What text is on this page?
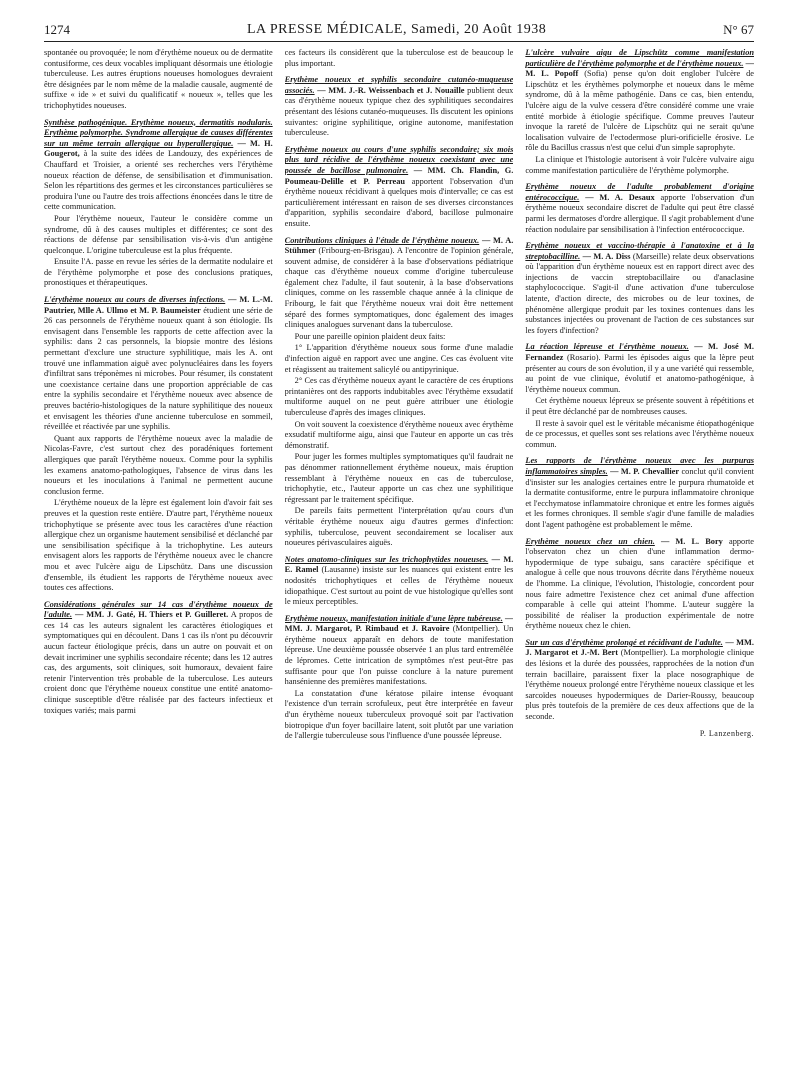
1274	LA PRESSE MÉDICALE, Samedi, 20 Août 1938	N° 67

spontanée ou provoquée; le nom d'érythème noueux ou de dermatite contusiforme, ces deux vocables impliquant désormais une étiologie tuberculeuse. Les autres éruptions noueuses homologues devraient être désignées par le nom même de la maladie causale, augmenté de suffixe « ide » et suivi du qualificatif « noueux », telles que les trichophytides noueuses.

Synthèse pathogénique. Erythème noueux, dermatitis nodularis. Erythème polymorphe. Syndrome allergique de causes différentes sur un même terrain allergique ou hyperallergique. — M. H. Gougerot, à la suite des idées de Landouzy, des expériences de Chauffard et Troisier, a orienté ses recherches vers l'érythème noueux réaction de défense, de sensibilisation et d'immunisation. Selon les répartitions des germes et les circonstances particulières se produira l'une ou l'autre des trois affections énoncées dans le titre de cette communication.

Pour l'érythème noueux, l'auteur le considère comme un syndrome, dû à des causes multiples et différentes; ce sont des réactions de défense par sensibilisation vis-à-vis d'un antigène quelconque. L'origine tuberculeuse est la plus fréquente.

Ensuite l'A. passe en revue les séries de la dermatite nodulaire et de l'érythème polymorphe et pose des conclusions pratiques, pronostiques et thérapeutiques.

L'érythème noueux au cours de diverses infections. — M. L.-M. Pautrier, Mlle A. Ullmo et M. P. Baumeister étudient une série de 26 cas personnels de l'érythème noueux quant à son étiologie. Ils envisagent dans l'ensemble les rapports de cette affection avec la syphilis: dans 2 cas personnels, la biopsie montre des lésions permettant d'exclure une structure syphilitique, mais les A. ont trouvé une inflammation aiguë avec polynucléaires dans les foyers d'infiltrat sans tréponèmes ni microbes. Pour résumer, ils constatent une coexistance certaine dans une proportion appréciable de cas entre la syphilis secondaire et l'érythème noueux avec absence de preuves bactério-histologiques de la nature syphilitique des noueux et envisagent les théories d'une ancienne tuberculose en sommeil, réveillée et réactivée par une syphilis.

Quant aux rapports de l'érythème noueux avec la maladie de Nicolas-Favre, c'est surtout chez des poradéniques fortement allergiques que paraît l'érythème noueux. Comme pour la syphilis les examens anatomo-pathologiques, l'absence de virus dans les noueurs et les inoculations à l'animal ne permettent aucune conclusion ferme.

L'érythème noueux de la lèpre est également loin d'avoir fait ses preuves et la question reste entière. D'autre part, l'érythème noueux trichophytique se présente avec tous les caractères d'une réaction allergique chez un organisme hautement sensibilisé et déclanché par une sensibilisation spécifique à la trichophytine. Les auteurs envisagent alors les rapports de l'érythème noueux avec le chancre mou et avec l'ulcère aigu de Lipschütz. Dans une discussion d'ensemble, ils étudient les rapports de l'érythème noueux avec toutes ces affections.

Considérations générales sur 14 cas d'érythème noueux de l'adulte. — MM. J. Gaté, H. Thiers et P. Guilleret. A propos de ces 14 cas les auteurs signalent les caractères étiologiques et symptomatiques qui en découlent. Dans 1 cas ils n'ont pu découvrir aucun facteur étiologique précis, dans un autre on pouvait et on devait incriminer une syphilis secondaire récente; dans les 12 autres cas, des arguments, soit cliniques, soit humoraux, devaient faire retenir l'intervention très probable de la tuberculose. Les auteurs croient donc que l'érythème noueux constitue une entité anatomo-clinique susceptible d'être réalisée par des facteurs infectieux et toxiques variés; mais parmi

ces facteurs ils considèrent que la tuberculose est de beaucoup le plus important.

Erythème noueux et syphilis secondaire cutanéo-muqueuse associés. — MM. J.-R. Weissenbach et J. Nouaille publient deux cas d'érythème noueux typique chez des syphilitiques secondaires présentant des lésions cutanéo-muqueuses. Ils discutent les opinions suivantes: origine syphilitique, origine autonome, manifestation tuberculeuse.

Erythème noueux au cours d'une syphilis secondaire; six mois plus tard récidive de l'érythème noueux coexistant avec une poussée de bacillose pulmonaire. — MM. Ch. Flandin, G. Poumeau-Delille et P. Perreau apportent l'observation d'un érythème noueux récidivant à quelques mois d'intervalle; ce cas est particulièrement intéressant en raison de ses diverses circonstances d'apparition, syphilis secondaire d'abord, bacillose pulmonaire ensuite.

Contributions cliniques à l'étude de l'érythème noueux. — M. A. Stühmer (Fribourg-en-Brisgau). A l'encontre de l'opinion générale, souvent admise, de considérer à la base d'observations pédiatrique chaque cas d'érythème noueux comme d'origine tuberculeuse également chez l'adulte, il faut soutenir, à la base d'observations cliniques, comme on les rassemble chaque année à la clinique de Fribourg, le fait que l'érythème noueux vrai doit être nettement séparé des formes symptomatiques, donc également des images cliniques analogues survenant dans la tuberculose.

Pour une pareille opinion plaident deux faits:

1° L'apparition d'érythème noueux sous forme d'une maladie d'infection aiguë en rapport avec une angine. Ces cas évoluent vite et réagissent au traitement salicylé ou antipyrinique.

2° Ces cas d'érythème noueux ayant le caractère de ces éruptions printanières ont des rapports indubitables avec l'érythème exsudatif multiforme auquel on ne peut guère attribuer une étiologie tuberculeuse d'après des images cliniques.

On voit souvent la coexistence d'érythème noueux avec érythème exsudatif multiforme aigu, ainsi que l'auteur en apporte un cas très démonstratif.

Pour juger les formes multiples symptomatiques qu'il faudrait ne pas dénommer rationnellement érythème noueux, mais éruption ressemblant à l'érythème noueux en cas de tuberculose, trichophytie, etc., l'auteur apporte un cas chez une syphilitique régressant par le traitement spécifique.

De pareils faits permettent l'interprétation qu'au cours d'un véritable érythème noueux aigu d'autres germes d'infection: syphilis, tuberculose, peuvent secondairement se localiser aux noueures périvasculaires aiguës.

Notes anatomo-cliniques sur les trichophytides noueuses. — M. E. Ramel (Lausanne) insiste sur les nuances qui existent entre les nodosités trichophytiques et celles de l'érythème noueux idiopathique. C'est surtout au point de vue histologique qu'elles sont le mieux perceptibles.

Erythème noueux, manifestation initiale d'une lèpre tubéreuse. — MM. J. Margarot, P. Rimbaud et J. Ravoire (Montpellier). Un érythème noueux apparaît en dehors de toute manifestation lépreuse. Une deuxième poussée observée 1 an plus tard entremêlée de lépromes. Cette intrication de symptômes n'est peut-être pas suffisante pour que l'on puisse conclure à la nature purement hansénienne des premières manifestations.

La constatation d'une kératose pilaire intense évoquant l'existence d'un terrain scrofuleux, peut être interprétée en faveur d'un érythème noueux tuberculeux provoqué soit par l'activation biotropique d'un foyer bacillaire latent, soit plutôt par une variation de l'allergie tuberculeuse sous l'influence d'une poussée lépreuse.

L'ulcère vulvaire aigu de Lipschütz comme manifestation particulière de l'érythème polymorphe et de l'érythème noueux. — M. L. Popoff (Sofia) pense qu'on doit englober l'ulcère de Lipschütz et les érythèmes polymorphe et noueux dans le même syndrome, dû à la même pathogénie. Dans ce cas, bien entendu, l'ulcère aigu de la vulve cessera d'être considéré comme une vraie entité morbide à étiologie spécifique. Comme preuves l'auteur invoque la rareté de l'ulcère de Lipschütz qui ne serait qu'une localisation vulvaire de l'ectodermose pluri-orificielle érosive. Le rôle du Bacillus crassus n'est que celui d'un simple saprophyte.

La clinique et l'histologie autorisent à voir l'ulcère vulvaire aigu comme manifestation particulière de l'érythème polymorphe.

Erythème noueux de l'adulte probablement d'origine entérococcique. — M. A. Desaux apporte l'observation d'un érythème noueux secondaire discret de l'adulte qui peut être classé parmi les dermatoses d'ordre allergique. Il s'agit probablement d'une réaction nodulaire par sensibilisation à l'infection entérococcique.

Erythème noueux et vaccino-thérapie à l'anatoxine et à la streptobacilline. — M. A. Diss (Marseille) relate deux observations où l'apparition d'un érythème noueux est en rapport direct avec des injections de vaccin streptobacillaire ou d'anaclasine staphylococcique. S'agit-il d'une activation d'une tuberculose latente, d'action directe, des microbes ou de leur toxines, de phénomène allergique produit par les toxines contenues dans les substances injectées ou provenant de l'action de ces substances sur les foyers d'infection?

La réaction lépreuse et l'érythème noueux. — M. José M. Fernandez (Rosario). Parmi les épisodes aigus que la lèpre peut présenter au cours de son évolution, il y a une variété qui ressemble, au point de vue clinique, évolutif et anatomo-pathogénique, à l'érythème noueux commun.

Cet érythème noueux lépreux se présente souvent à répétitions et il peut être déclanché par de nombreuses causes.

Il reste à savoir quel est le véritable mécanisme étiopathogénique de ce processus, et quelles sont ses relations avec l'érythème noueux commun.

Les rapports de l'érythème noueux avec les purpuras inflammatoires simples. — M. P. Chevallier conclut qu'il convient d'insister sur les analogies certaines entre le purpura rhumatoïde et la dermatite contusiforme, entre le purpura inflammatoire chronique et l'ecchymatose inflammatoire chronique et entre les formes aiguës et les formes chroniques. Il semble s'agir d'une famille de maladies dont l'agent pathogène est probablement le même.

Erythème noueux chez un chien. — M. L. Bory apporte l'observaton chez un chien d'une inflammation dermo-hypodermique de type subaigu, sans caractère spécifique et analogue à celle que nous trouvons décrite dans l'érythème noueux de l'homme. La clinique, l'évolution, l'histologie, concordent pour nous faire admettre l'existence chez cet animal d'une affection comparable à celle qui atteint l'homme. L'auteur suggère la possibilité de réaliser la production expérimentale de notre érythème noueux chez le chien.

Sur un cas d'érythème prolongé et récidivant de l'adulte. — MM. J. Margarot et J.-M. Bert (Montpellier). La morphologie clinique des lésions et la durée des poussées, rapprochées de la notion d'un terrain bacillaire, paraissent fixer la place nosographique de l'érythème noueux prolongé entre l'érythème noueux classique et les sarcoïdes noueuses hypodermiques de Darier-Roussy, beaucoup plus près toutefois de la première de ces deux affections que de la seconde.

P. Lanzenberg.
